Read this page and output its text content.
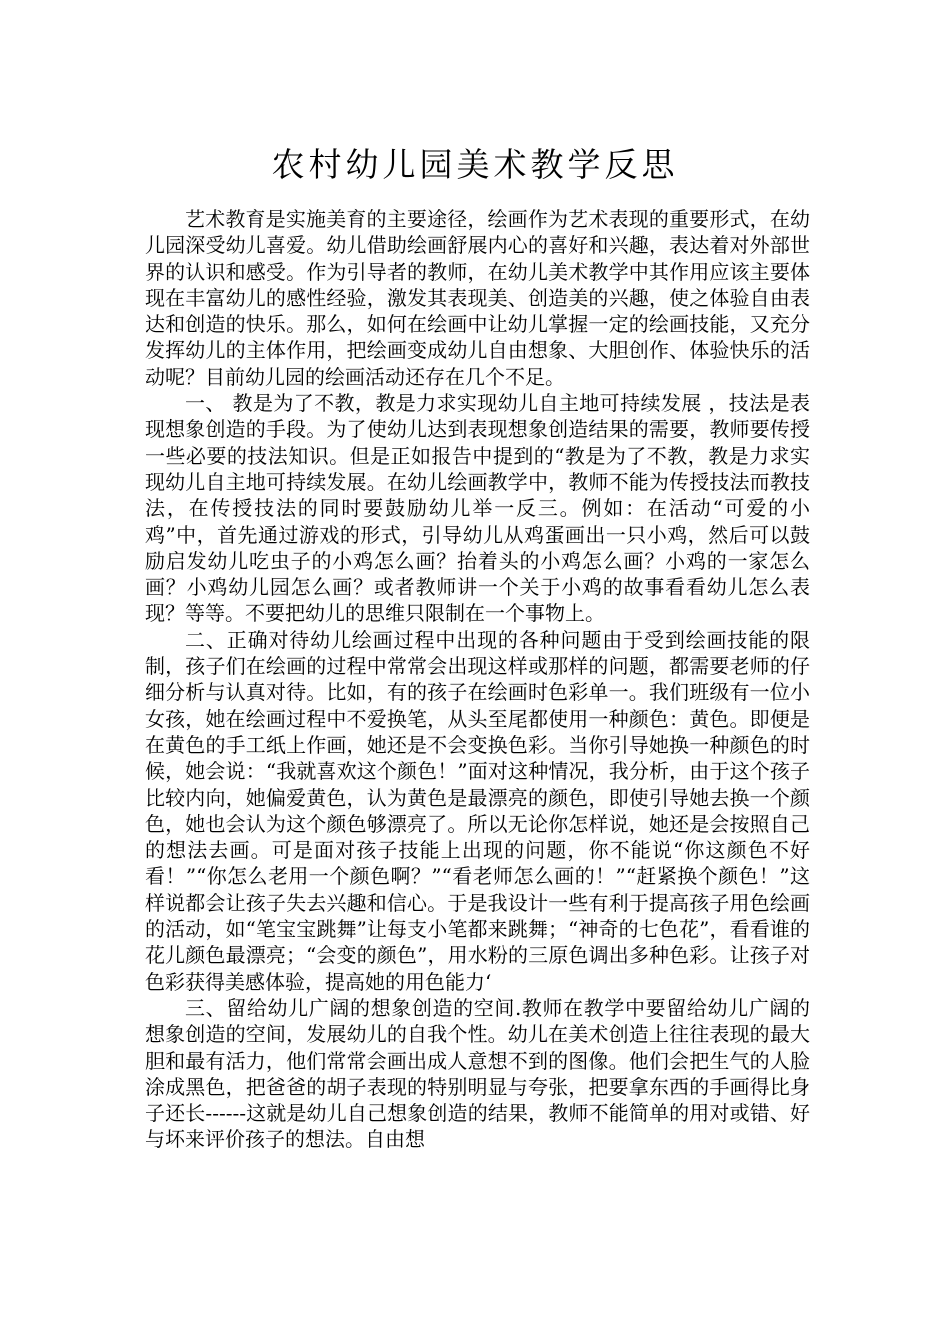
农村幼儿园美术教学反思

艺术教育是实施美育的主要途径，绘画作为艺术表现的重要形式，在幼儿园深受幼儿喜爱。幼儿借助绘画舒展内心的喜好和兴趣，表达着对外部世界的认识和感受。作为引导者的教师，在幼儿美术教学中其作用应该主要体现在丰富幼儿的感性经验，激发其表现美、创造美的兴趣，使之体验自由表达和创造的快乐。那么，如何在绘画中让幼儿掌握一定的绘画技能，又充分发挥幼儿的主体作用，把绘画变成幼儿自由想象、大胆创作、体验快乐的活动呢？目前幼儿园的绘画活动还存在几个不足。

一、 教是为了不教，教是力求实现幼儿自主地可持续发展 ，技法是表现想象创造的手段。为了使幼儿达到表现想象创造结果的需要，教师要传授一些必要的技法知识。但是正如报告中提到的“教是为了不教，教是力求实现幼儿自主地可持续发展。在幼儿绘画教学中，教师不能为传授技法而教技法，在传授技法的同时要鼓励幼儿举一反三。例如：在活动“可爱的小鸡”中，首先通过游戏的形式，引导幼儿从鸡蛋画出一只小鸡，然后可以鼓励启发幼儿吃虫子的小鸡怎么画？抬着头的小鸡怎么画？小鸡的一家怎么画？小鸡幼儿园怎么画？或者教师讲一个关于小鸡的故事看看幼儿怎么表现？等等。不要把幼儿的思维只限制在一个事物上。

二、正确对待幼儿绘画过程中出现的各种问题由于受到绘画技能的限制，孩子们在绘画的过程中常常会出现这样或那样的问题，都需要老师的仔细分析与认真对待。比如，有的孩子在绘画时色彩单一。我们班级有一位小女孩，她在绘画过程中不爱换笔，从头至尾都使用一种颜色：黄色。即便是在黄色的手工纸上作画，她还是不会变换色彩。当你引导她换一种颜色的时候，她会说：“我就喜欢这个颜色！”面对这种情况，我分析，由于这个孩子比较内向，她偏爱黄色，认为黄色是最漂亮的颜色，即使引导她去换一个颜色，她也会认为这个颜色够漂亮了。所以无论你怎样说，她还是会按照自己的想法去画。可是面对孩子技能上出现的问题，你不能说“你这颜色不好看！”“你怎么老用一个颜色啊？”“看老师怎么画的！”“赶紧换个颜色！”这样说都会让孩子失去兴趣和信心。于是我设计一些有利于提高孩子用色绘画的活动，如“笔宝宝跳舞”让每支小笔都来跳舞；“神奇的七色花”，看看谁的花儿颜色最漂亮；“会变的颜色”，用水粉的三原色调出多种色彩。让孩子对色彩获得美感体验，提高她的用色能力‘

三、留给幼儿广阔的想象创造的空间.教师在教学中要留给幼儿广阔的想象创造的空间，发展幼儿的自我个性。幼儿在美术创造上往往表现的最大胆和最有活力，他们常常会画出成人意想不到的图像。他们会把生气的人脸涂成黑色，把爸爸的胡子表现的特别明显与夸张，把要拿东西的手画得比身子还长------这就是幼儿自己想象创造的结果，教师不能简单的用对或错、好与坏来评价孩子的想法。自由想
